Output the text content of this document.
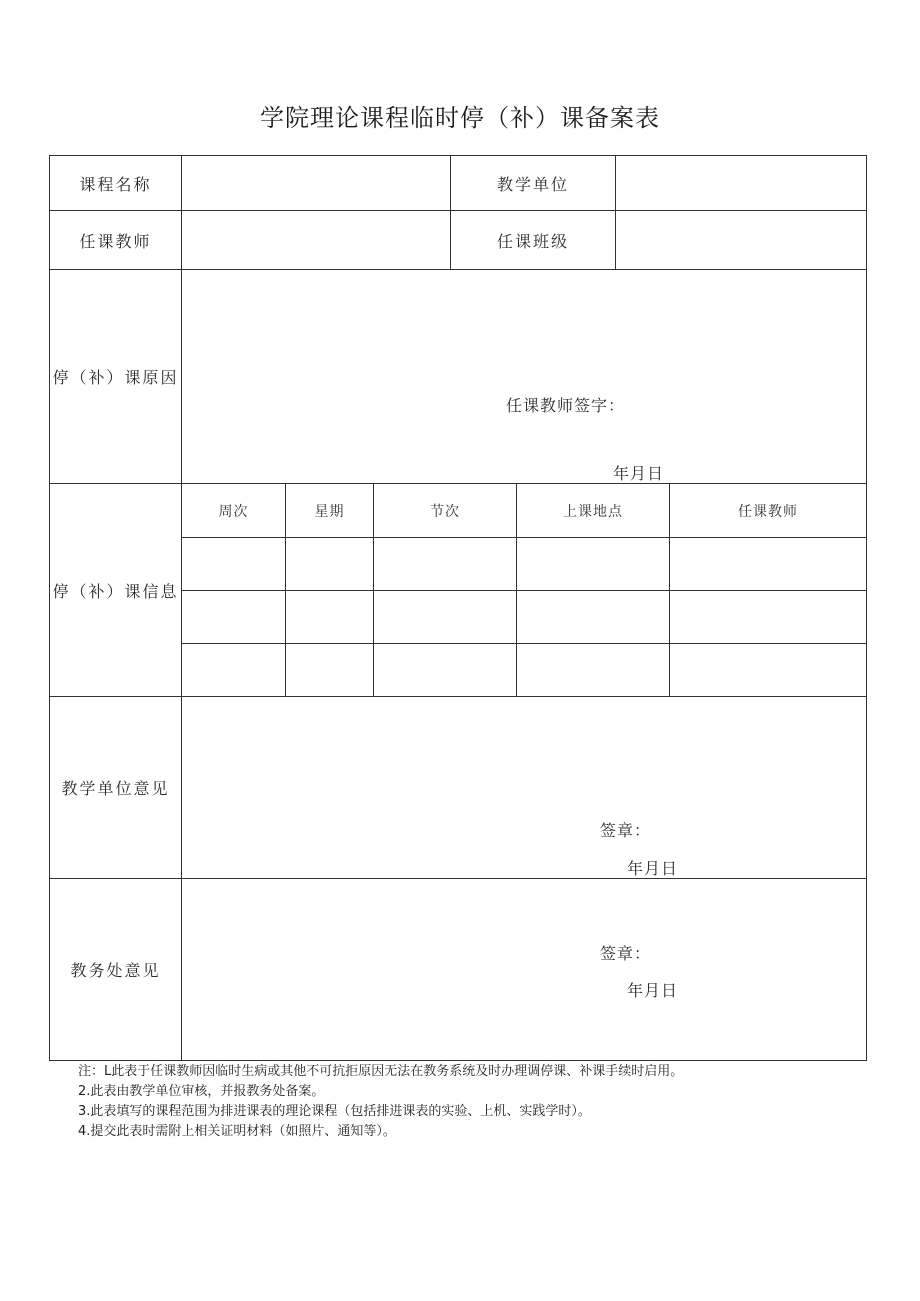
学院理论课程临时停（补）课备案表
课程名称	教学单位
任课教师	任课班级
停（补）课原因
任课教师签字：
年月日
停（补）课信息
周次	星期	节次	上课地点	任课教师
教学单位意见
签章：
年月日
教务处意见
签章：
年月日
注：L此表于任课教师因临时生病或其他不可抗拒原因无法在教务系统及时办理调停课、补课手续时启用。
2.此表由教学单位审核，并报教务处备案。
3.此表填写的课程范围为排进课表的理论课程（包括排进课表的实验、上机、实践学时）。
4.提交此表时需附上相关证明材料（如照片、通知等）。
